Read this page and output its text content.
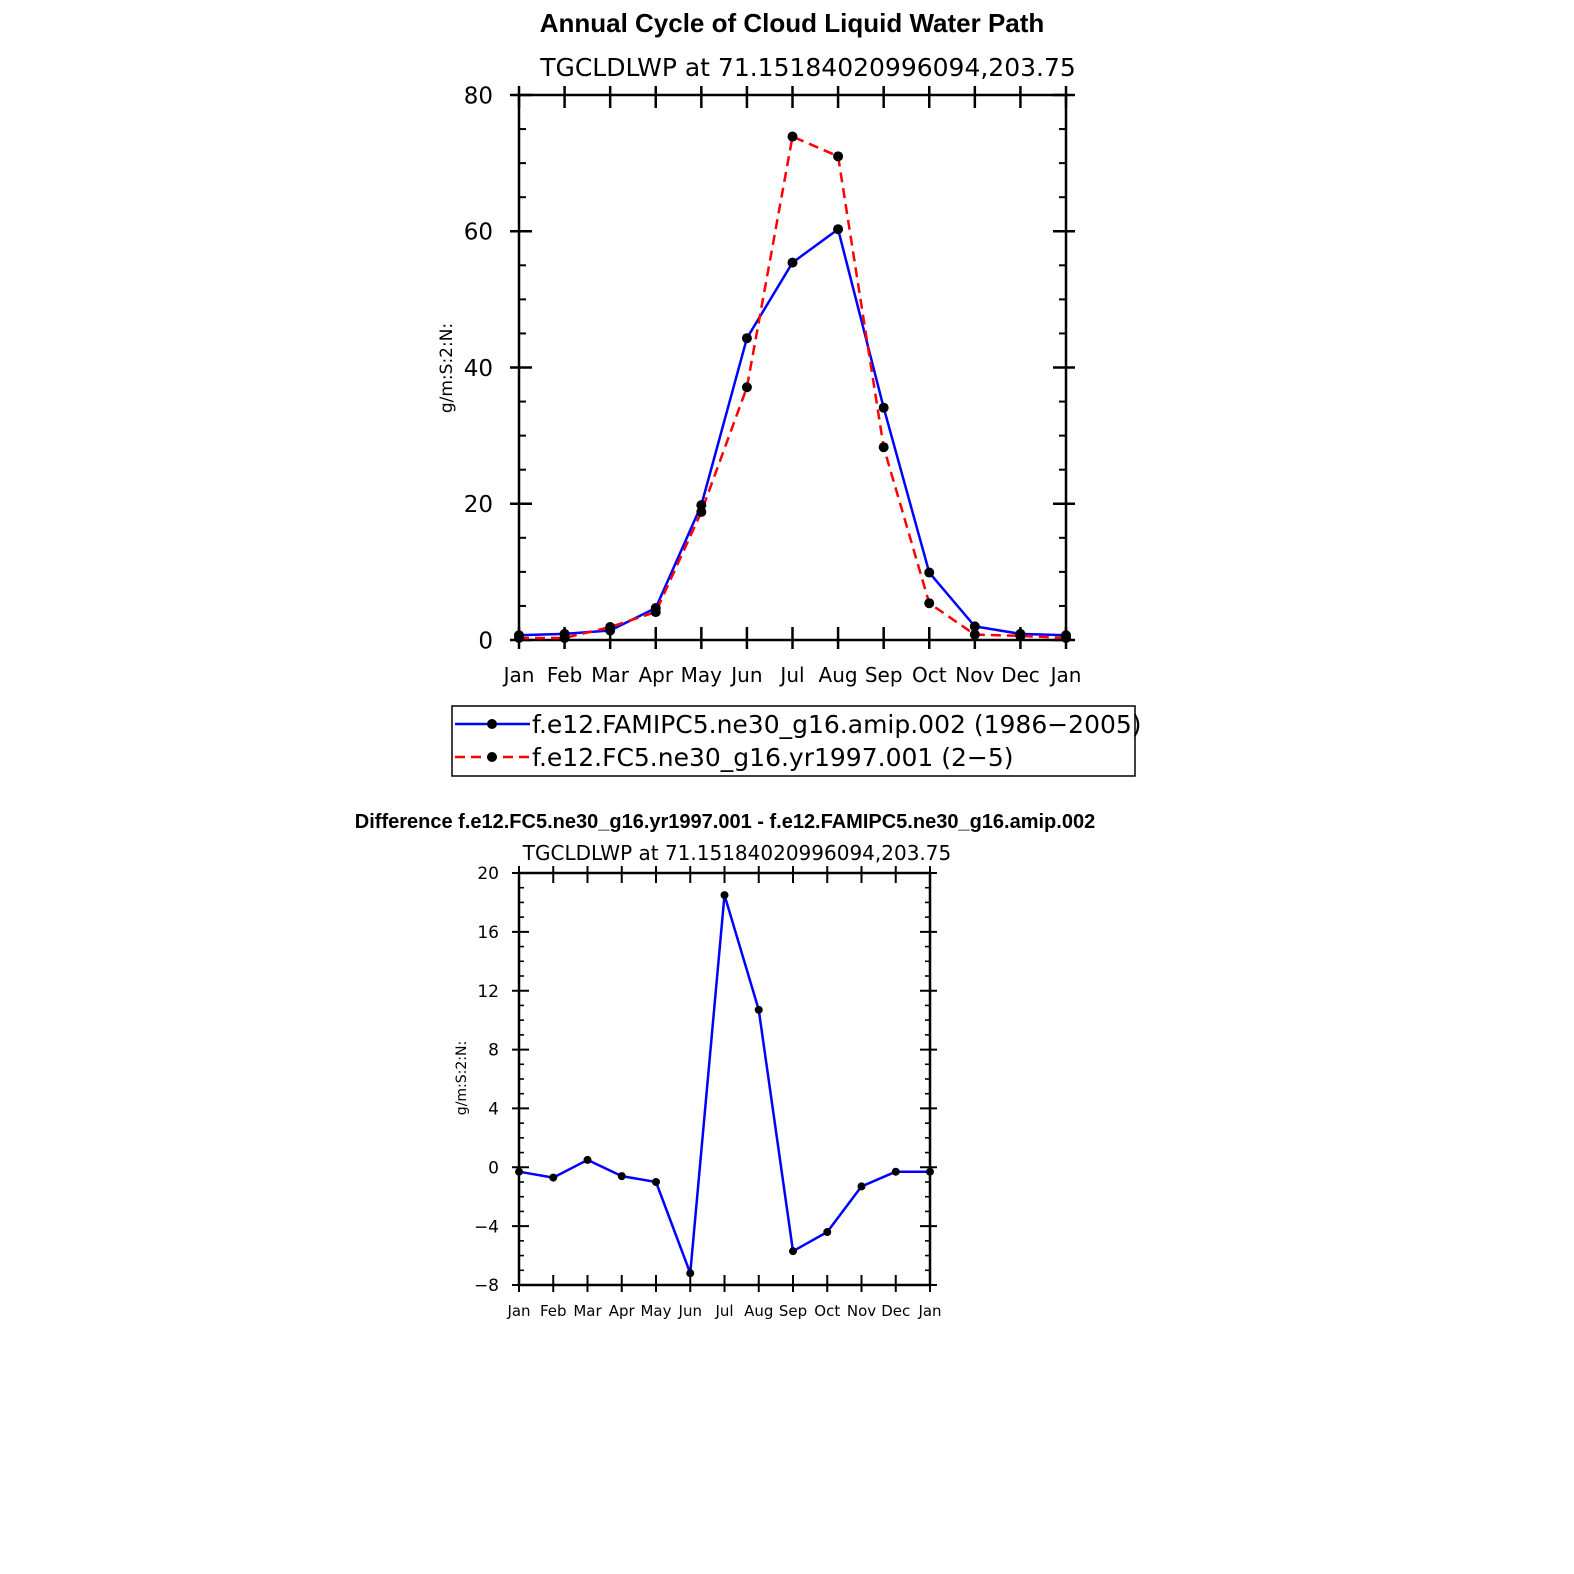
Annual Cycle of Cloud Liquid Water Path
TGCLDLWP at 71.15184020996094,203.75
g/m:S:2:N:
Jan Feb Mar Apr May Jun Jul Aug Sep Oct Nov Dec Jan
0
20
40
60
80
f.e12.FAMIPC5.ne30_g16.amip.002 (1986−2005)
f.e12.FC5.ne30_g16.yr1997.001 (2−5)
Difference f.e12.FC5.ne30_g16.yr1997.001 - f.e12.FAMIPC5.ne30_g16.amip.002
TGCLDLWP at 71.15184020996094,203.75
g/m:S:2:N:
Jan Feb Mar Apr May Jun Jul Aug Sep Oct Nov Dec Jan
−8
−4
0
4
8
12
16
20
